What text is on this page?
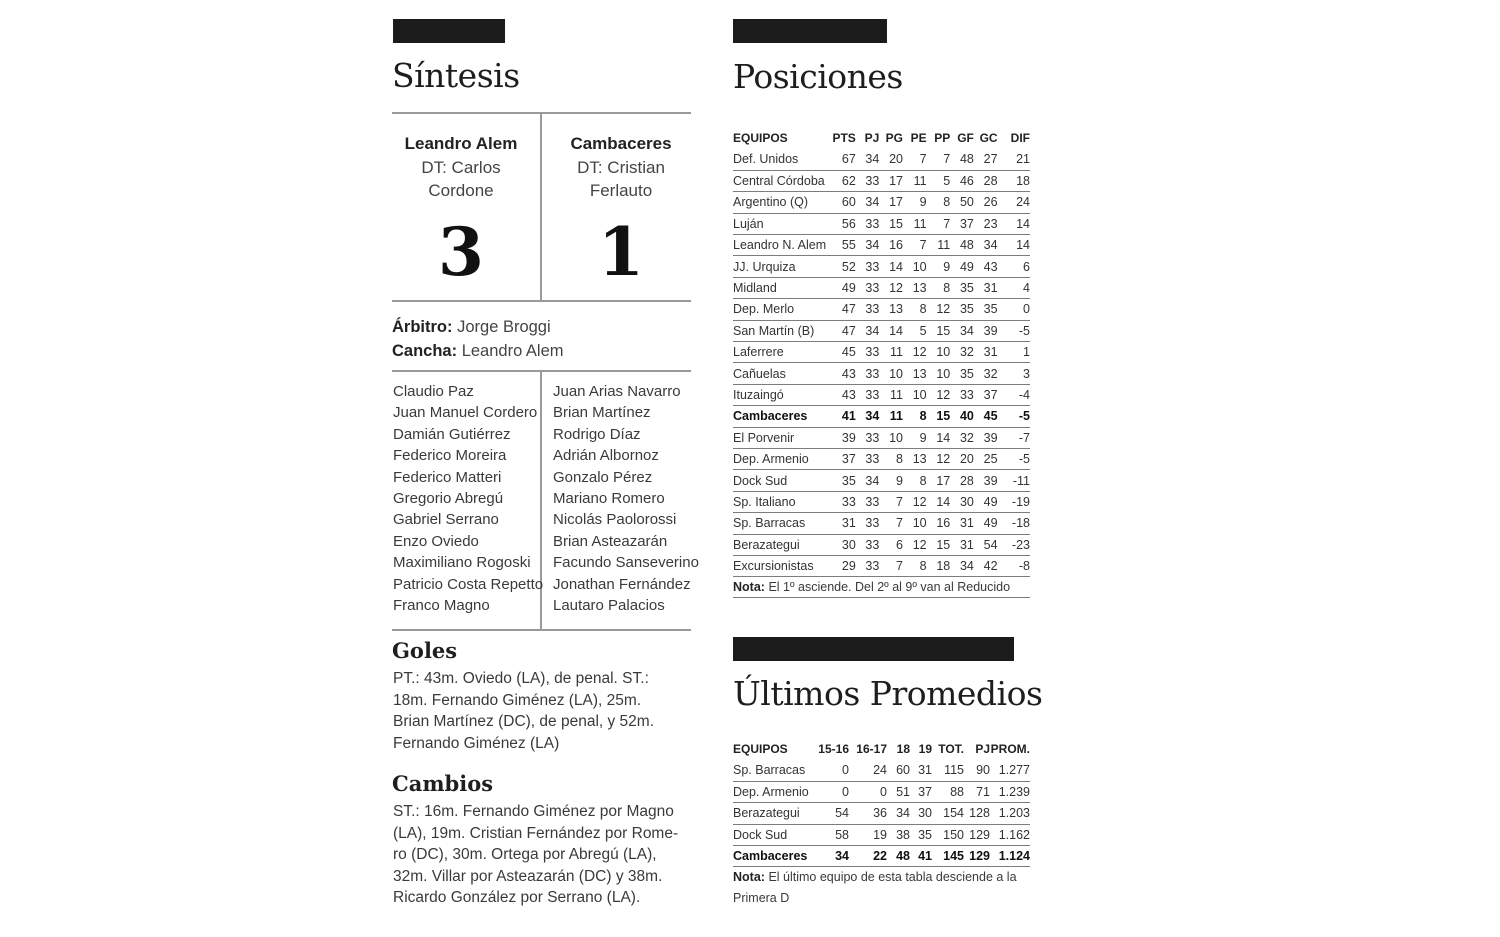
Síntesis
Leandro Alem
DT: Carlos
Cordone
3
Cambaceres
DT: Cristian
Ferlauto
1
Árbitro: Jorge Broggi
Cancha: Leandro Alem
Claudio Paz
Juan Manuel Cordero
Damián Gutiérrez
Federico Moreira
Federico Matteri
Gregorio Abregú
Gabriel Serrano
Enzo Oviedo
Maximiliano Rogoski
Patricio Costa Repetto
Franco Magno
Juan Arias Navarro
Brian Martínez
Rodrigo Díaz
Adrián Albornoz
Gonzalo Pérez
Mariano Romero
Nicolás Paolorossi
Brian Asteazarán
Facundo Sanseverino
Jonathan Fernández
Lautaro Palacios
Goles
PT.: 43m. Oviedo (LA), de penal. ST.:
18m. Fernando Giménez (LA), 25m.
Brian Martínez (DC), de penal, y 52m.
Fernando Giménez (LA)
Cambios
ST.: 16m. Fernando Giménez por Magno
(LA), 19m. Cristian Fernández por Rome-
ro (DC), 30m. Ortega por Abregú (LA),
32m. Villar por Asteazarán (DC) y 38m.
Ricardo González por Serrano (LA).
Posiciones
EQUIPOS	PTS	PJ	PG	PE	PP	GF	GC	DIF
Def. Unidos	67	34	20	7	7	48	27	21
Central Córdoba	62	33	17	11	5	46	28	18
Argentino (Q)	60	34	17	9	8	50	26	24
Luján	56	33	15	11	7	37	23	14
Leandro N. Alem	55	34	16	7	11	48	34	14
JJ. Urquiza	52	33	14	10	9	49	43	6
Midland	49	33	12	13	8	35	31	4
Dep. Merlo	47	33	13	8	12	35	35	0
San Martín (B)	47	34	14	5	15	34	39	-5
Laferrere	45	33	11	12	10	32	31	1
Cañuelas	43	33	10	13	10	35	32	3
Ituzaingó	43	33	11	10	12	33	37	-4
Cambaceres	41	34	11	8	15	40	45	-5
El Porvenir	39	33	10	9	14	32	39	-7
Dep. Armenio	37	33	8	13	12	20	25	-5
Dock Sud	35	34	9	8	17	28	39	-11
Sp. Italiano	33	33	7	12	14	30	49	-19
Sp. Barracas	31	33	7	10	16	31	49	-18
Berazategui	30	33	6	12	15	31	54	-23
Excursionistas	29	33	7	8	18	34	42	-8
Nota: El 1º asciende. Del 2º al 9º van al Reducido
Últimos Promedios
EQUIPOS	15-16	16-17	18	19	TOT.	PJ	PROM.
Sp. Barracas	0	24	60	31	115	90	1.277
Dep. Armenio	0	0	51	37	88	71	1.239
Berazategui	54	36	34	30	154	128	1.203
Dock Sud	58	19	38	35	150	129	1.162
Cambaceres	34	22	48	41	145	129	1.124
Nota: El último equipo de esta tabla desciende a la
Primera D
